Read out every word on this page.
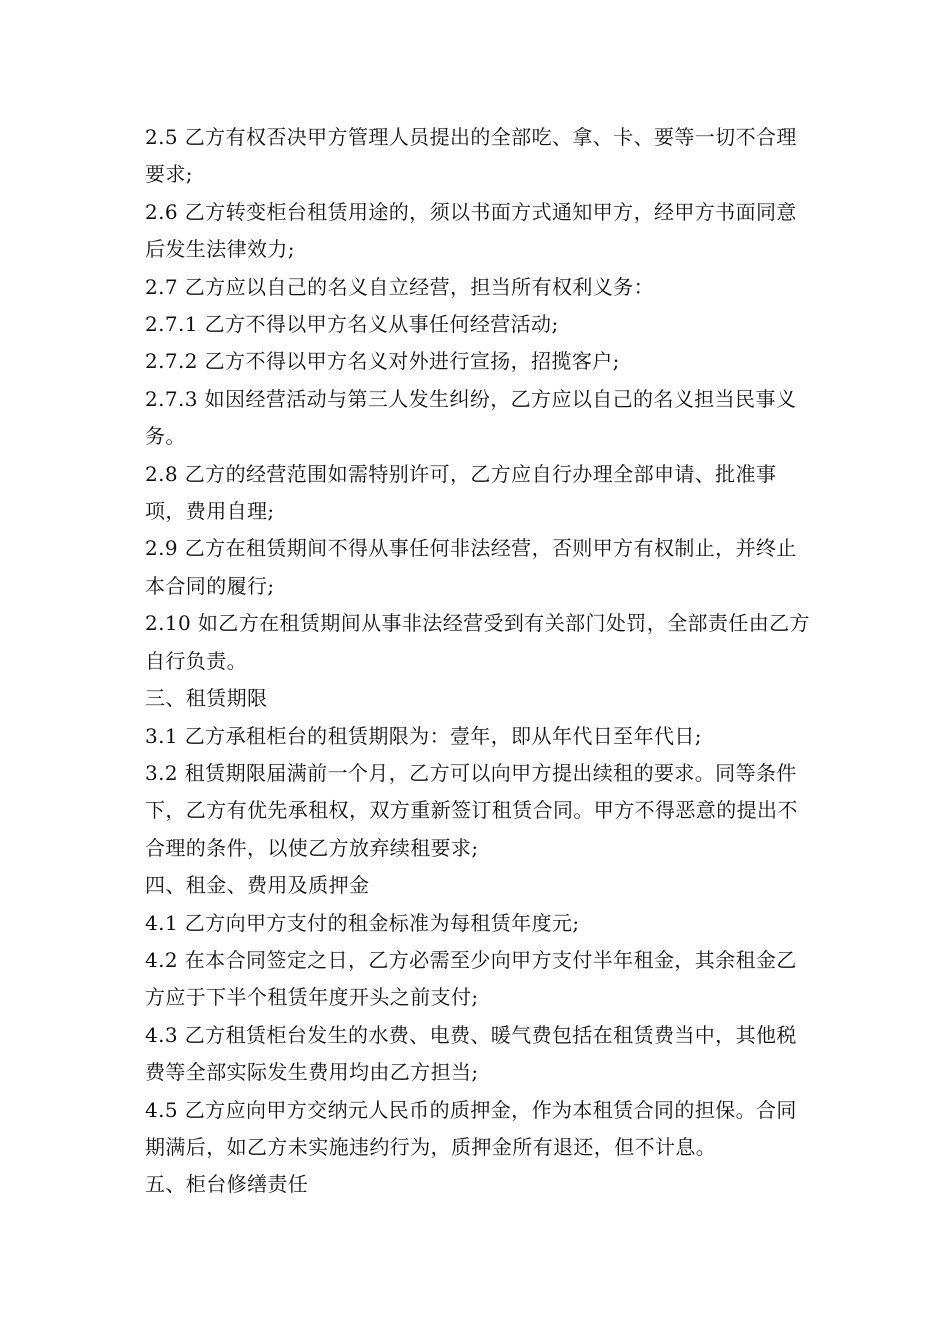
2.5 乙方有权否决甲方管理人员提出的全部吃、拿、卡、要等一切不合理要求;

2.6 乙方转变柜台租赁用途的，须以书面方式通知甲方，经甲方书面同意后发生法律效力;

2.7 乙方应以自己的名义自立经营，担当所有权利义务：

2.7.1 乙方不得以甲方名义从事任何经营活动;

2.7.2 乙方不得以甲方名义对外进行宣扬，招揽客户;

2.7.3 如因经营活动与第三人发生纠纷，乙方应以自己的名义担当民事义务。

2.8 乙方的经营范围如需特别许可，乙方应自行办理全部申请、批准事项，费用自理;

2.9 乙方在租赁期间不得从事任何非法经营，否则甲方有权制止，并终止本合同的履行;

2.10 如乙方在租赁期间从事非法经营受到有关部门处罚，全部责任由乙方自行负责。

三、租赁期限

3.1 乙方承租柜台的租赁期限为：壹年，即从年代日至年代日;

3.2 租赁期限届满前一个月，乙方可以向甲方提出续租的要求。同等条件下，乙方有优先承租权，双方重新签订租赁合同。甲方不得恶意的提出不合理的条件，以使乙方放弃续租要求;

四、租金、费用及质押金

4.1 乙方向甲方支付的租金标准为每租赁年度元;

4.2 在本合同签定之日，乙方必需至少向甲方支付半年租金，其余租金乙方应于下半个租赁年度开头之前支付;

4.3 乙方租赁柜台发生的水费、电费、暖气费包括在租赁费当中，其他税费等全部实际发生费用均由乙方担当;

4.5 乙方应向甲方交纳元人民币的质押金，作为本租赁合同的担保。合同期满后，如乙方未实施违约行为，质押金所有退还，但不计息。

五、柜台修缮责任
